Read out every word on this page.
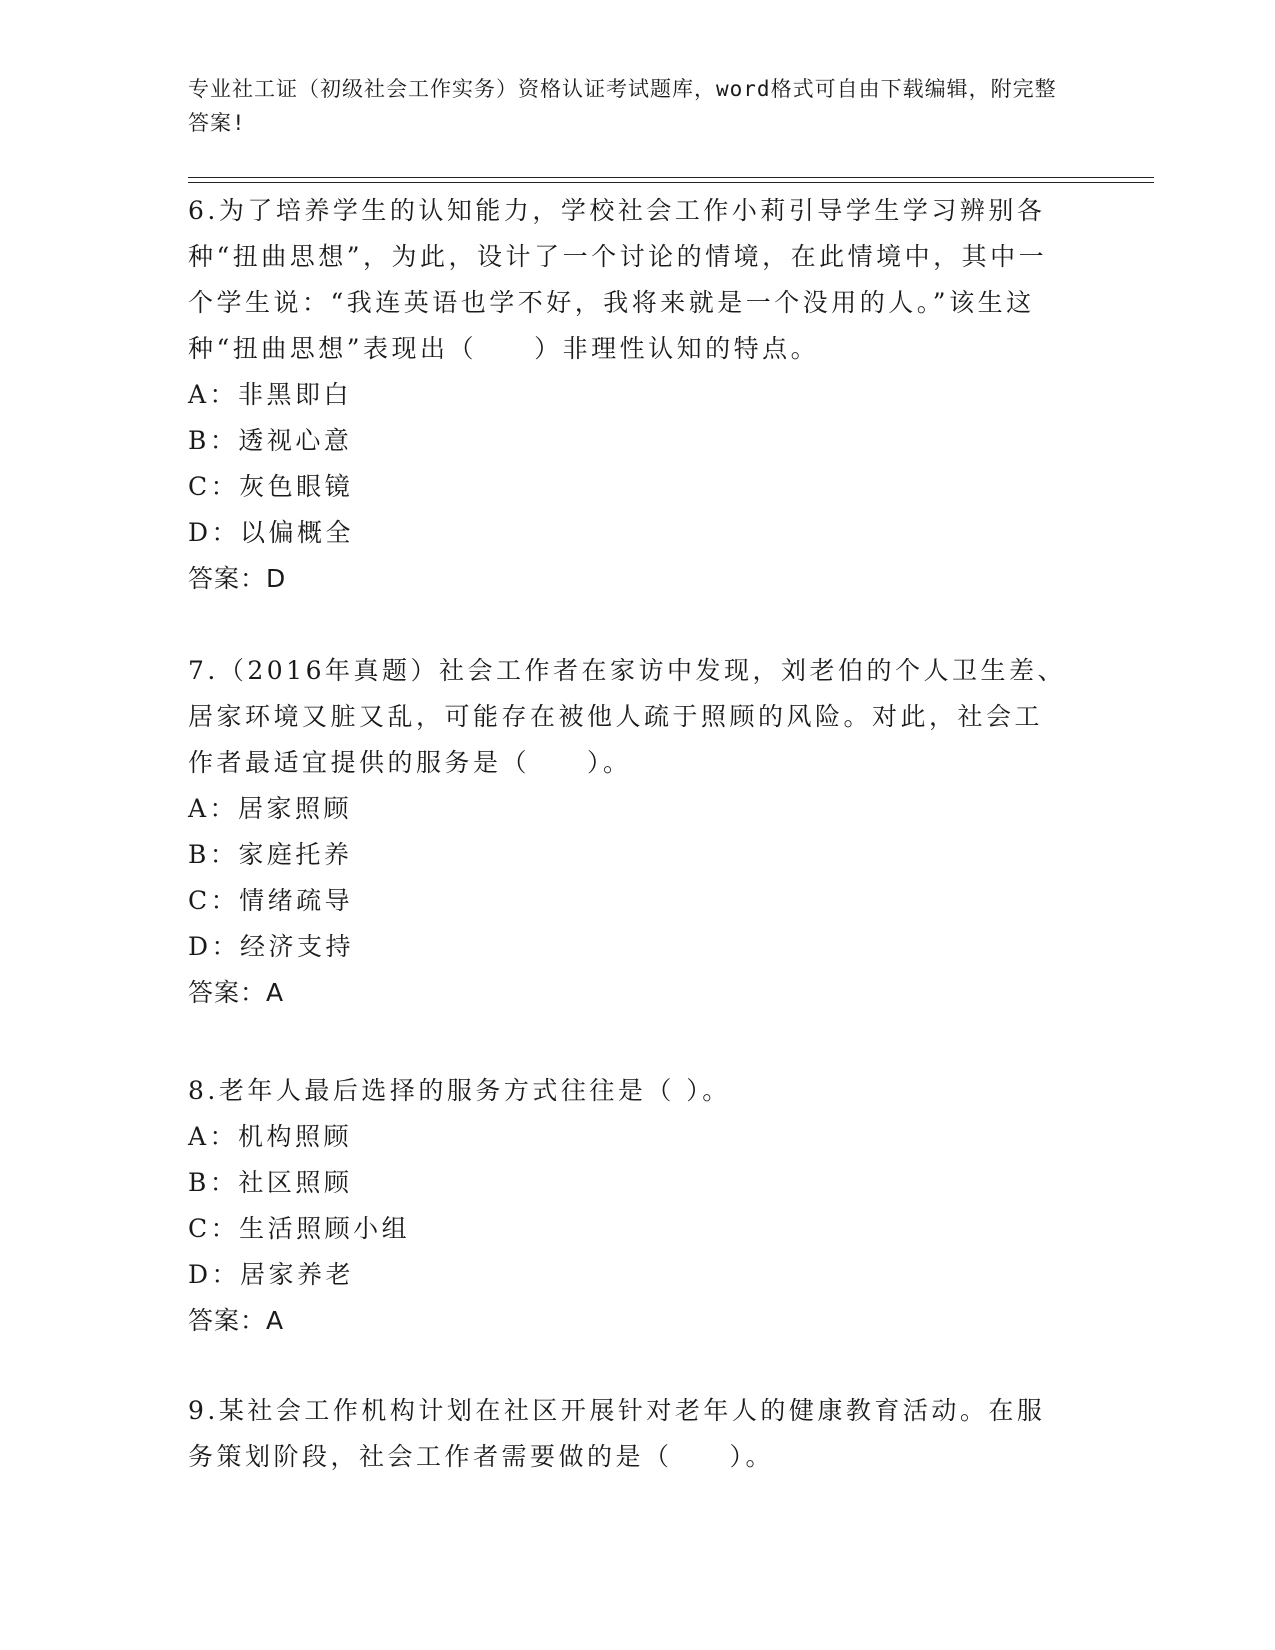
专业社工证（初级社会工作实务）资格认证考试题库，word格式可自由下载编辑，附完整答案!

6.为了培养学生的认知能力，学校社会工作小莉引导学生学习辨别各种“扭曲思想”，为此，设计了一个讨论的情境，在此情境中，其中一个学生说：“我连英语也学不好，我将来就是一个没用的人。”该生这种“扭曲思想”表现出（　　）非理性认知的特点。

A：非黑即白
B：透视心意
C：灰色眼镜
D：以偏概全
答案：D

7.（2016年真题）社会工作者在家访中发现，刘老伯的个人卫生差、居家环境又脏又乱，可能存在被他人疏于照顾的风险。对此，社会工作者最适宜提供的服务是（　　）。

A：居家照顾
B：家庭托养
C：情绪疏导
D：经济支持
答案：A

8.老年人最后选择的服务方式往往是（ ）。

A：机构照顾
B：社区照顾
C：生活照顾小组
D：居家养老
答案：A

9.某社会工作机构计划在社区开展针对老年人的健康教育活动。在服务策划阶段，社会工作者需要做的是（　　）。
